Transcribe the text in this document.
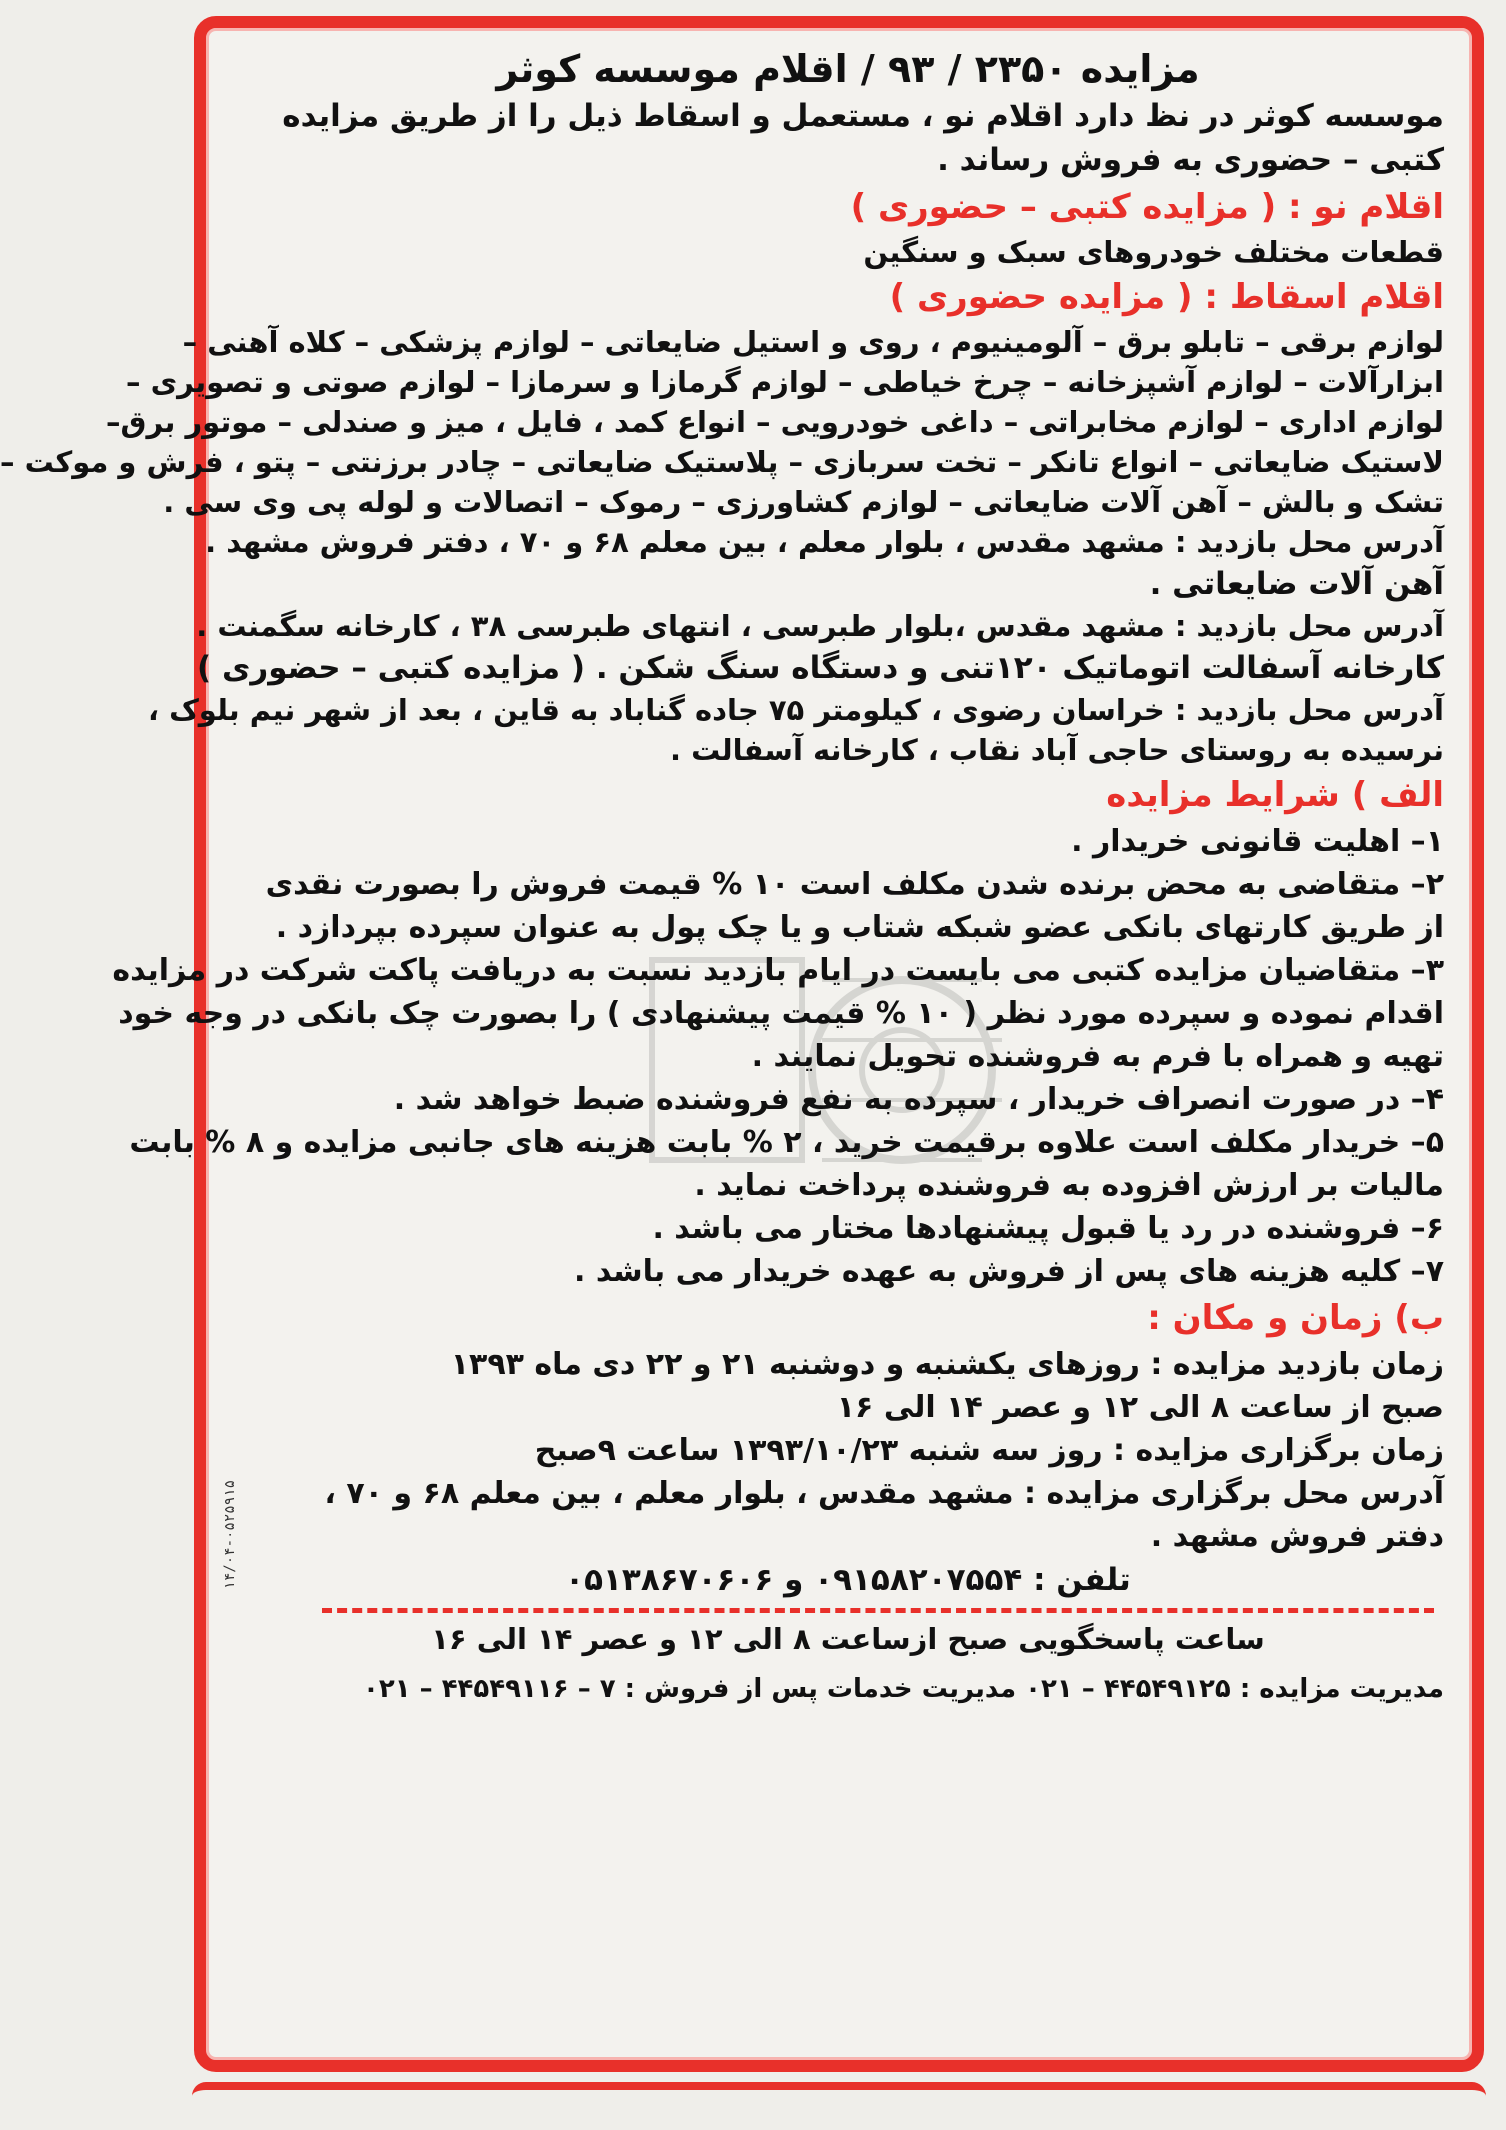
۱۴/۰۴-۰۵۲۵۹۱۵
مزایده ۲۳۵۰ / ۹۳ / اقلام موسسه کوثر
موسسه کوثر در نظ دارد اقلام نو ، مستعمل و اسقاط ذیل را از طریق مزایده
کتبی – حضوری به فروش رساند .
اقلام نو : ( مزایده کتبی – حضوری )
قطعات مختلف خودروهای سبک و سنگین
اقلام اسقاط : ( مزایده حضوری )
لوازم برقی – تابلو برق – آلومینیوم ، روی و استیل ضایعاتی – لوازم پزشکی – کلاه آهنی –
ابزارآلات – لوازم آشپزخانه – چرخ خیاطی – لوازم گرمازا و سرمازا – لوازم صوتی و تصویری –
لوازم اداری – لوازم مخابراتی – داغی خودرویی – انواع کمد ، فایل ، میز و صندلی – موتور برق–
لاستیک ضایعاتی – انواع تانکر – تخت سربازی – پلاستیک ضایعاتی – چادر برزنتی – پتو ، فرش و موکت –
تشک و بالش – آهن آلات ضایعاتی – لوازم کشاورزی – رموک – اتصالات و لوله پی وی سی .
آدرس محل بازدید : مشهد مقدس ، بلوار معلم ، بین معلم ۶۸ و ۷۰ ، دفتر فروش مشهد .
آهن آلات ضایعاتی .
آدرس محل بازدید : مشهد مقدس ،بلوار طبرسی ، انتهای طبرسی ۳۸ ، کارخانه سگمنت .
کارخانه آسفالت اتوماتیک ۱۲۰تنی و دستگاه سنگ شکن . ( مزایده کتبی – حضوری )
آدرس محل بازدید : خراسان رضوی ، کیلومتر ۷۵ جاده گناباد به قاین ، بعد از شهر نیم بلوک ،
نرسیده به روستای حاجی آباد نقاب ، کارخانه آسفالت .
الف ) شرایط مزایده
۱– اهلیت قانونی خریدار .
۲– متقاضی به محض برنده شدن مکلف است ۱۰ % قیمت فروش را بصورت نقدی
از طریق کارتهای بانکی عضو شبکه شتاب و یا چک پول به عنوان سپرده بپردازد .
۳– متقاضیان مزایده کتبی می بایست در ایام بازدید نسبت به دریافت پاکت شرکت در مزایده
اقدام نموده و سپرده مورد نظر ( ۱۰ % قیمت پیشنهادی ) را بصورت چک بانکی در وجه خود
تهیه و همراه با فرم به فروشنده تحویل نمایند .
۴– در صورت انصراف خریدار ، سپرده به نفع فروشنده ضبط خواهد شد .
۵– خریدار مکلف است علاوه برقیمت خرید ، ۲ % بابت هزینه های جانبی مزایده و ۸ % بابت
مالیات بر ارزش افزوده به فروشنده پرداخت نماید .
۶– فروشنده در رد یا قبول پیشنهادها مختار می باشد .
۷– کلیه هزینه های پس از فروش به عهده خریدار می باشد .
ب) زمان و مکان :
زمان بازدید مزایده : روزهای یکشنبه و دوشنبه ۲۱ و ۲۲ دی ماه ۱۳۹۳
صبح از ساعت ۸ الی ۱۲ و عصر ۱۴ الی ۱۶
زمان برگزاری مزایده : روز سه شنبه ۱۳۹۳/۱۰/۲۳ ساعت ۹صبح
آدرس محل برگزاری مزایده : مشهد مقدس ، بلوار معلم ، بین معلم ۶۸ و ۷۰ ،
دفتر فروش مشهد .
تلفن : ۰۹۱۵۸۲۰۷۵۵۴ و ۰۵۱۳۸۶۷۰۶۰۶
ساعت پاسخگویی صبح ازساعت ۸ الی ۱۲ و عصر ۱۴ الی ۱۶
مدیریت مزایده : ۴۴۵۴۹۱۲۵ – ۰۲۱ مدیریت خدمات پس از فروش : ۷ – ۴۴۵۴۹۱۱۶ – ۰۲۱
